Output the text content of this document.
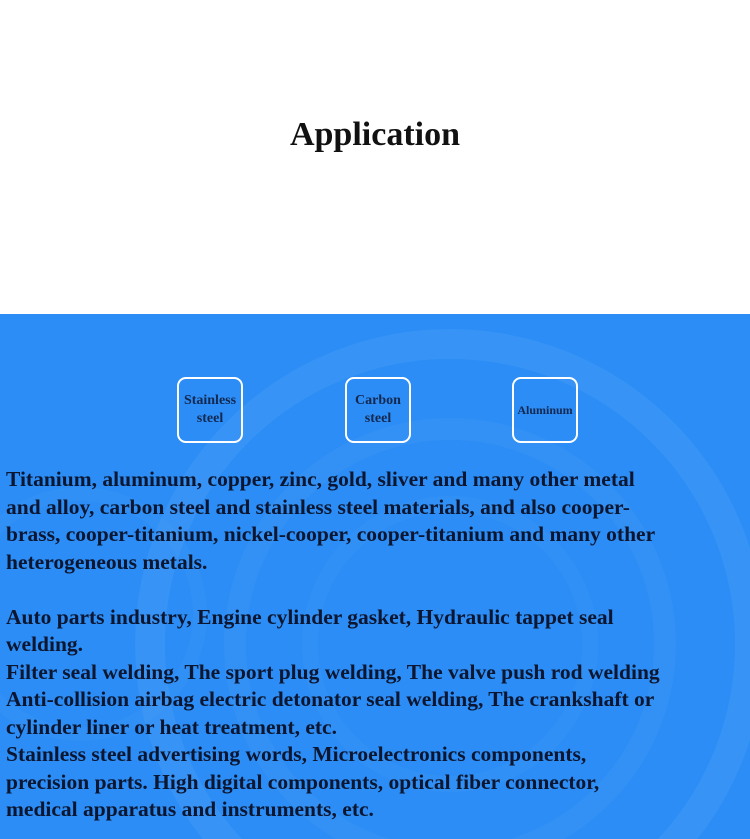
Application
Stainless
steel
Carbon
steel
Aluminum
Titanium, aluminum, copper, zinc, gold, sliver and many other metal
and alloy, carbon steel and stainless steel materials, and also cooper-
brass, cooper-titanium, nickel-cooper, cooper-titanium and many other
heterogeneous metals.
Auto parts industry, Engine cylinder gasket, Hydraulic tappet seal
welding.
Filter seal welding, The sport plug welding, The valve push rod welding
Anti-collision airbag electric detonator seal welding, The crankshaft or
cylinder liner or heat treatment, etc.
Stainless steel advertising words, Microelectronics components,
precision parts. High digital components, optical fiber connector,
medical apparatus and instruments, etc.
